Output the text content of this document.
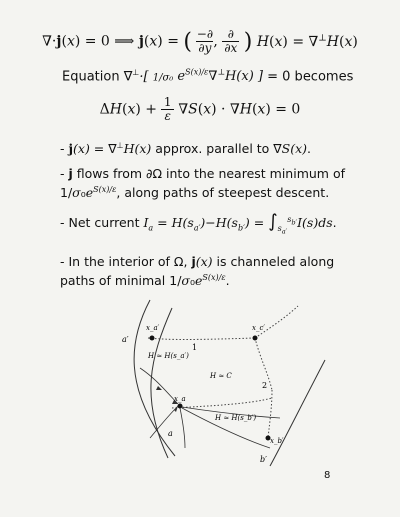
∇·j(x) = 0 ⟹ j(x) = ( −∂
∂y , ∂
∂x ) H(x) = ∇⊥H(x)
Equation ∇⊥·[ 1/σ₀ $e^{S(x)/\varepsilon}\nabla^\perp H(x)$ ] = 0 becomes
ΔH(x) + 1
ε ∇S(x) · ∇H(x) = 0
- j(x) = ∇⊥H(x) approx. parallel to ∇S(x).
- j flows from ∂Ω into the nearest minimum of
$1/\sigma_0e^{S(x)/\varepsilon}$, along paths of steepest descent.
- Net current $I_a = H(s_{a'})-H(s_{b'}) = \int_{s_{a'}}^{s_{b'}}I(s)ds$.
- In the interior of Ω, j(x) is channeled along
paths of minimal $1/\sigma_0e^{S(x)/\varepsilon}$.
a′
x_a′	x_c′
1
2
H ≈ H(s_a′)
H ≈ C
x_a
H ≈ H(s_b′)
a
x_b′
b′
8
